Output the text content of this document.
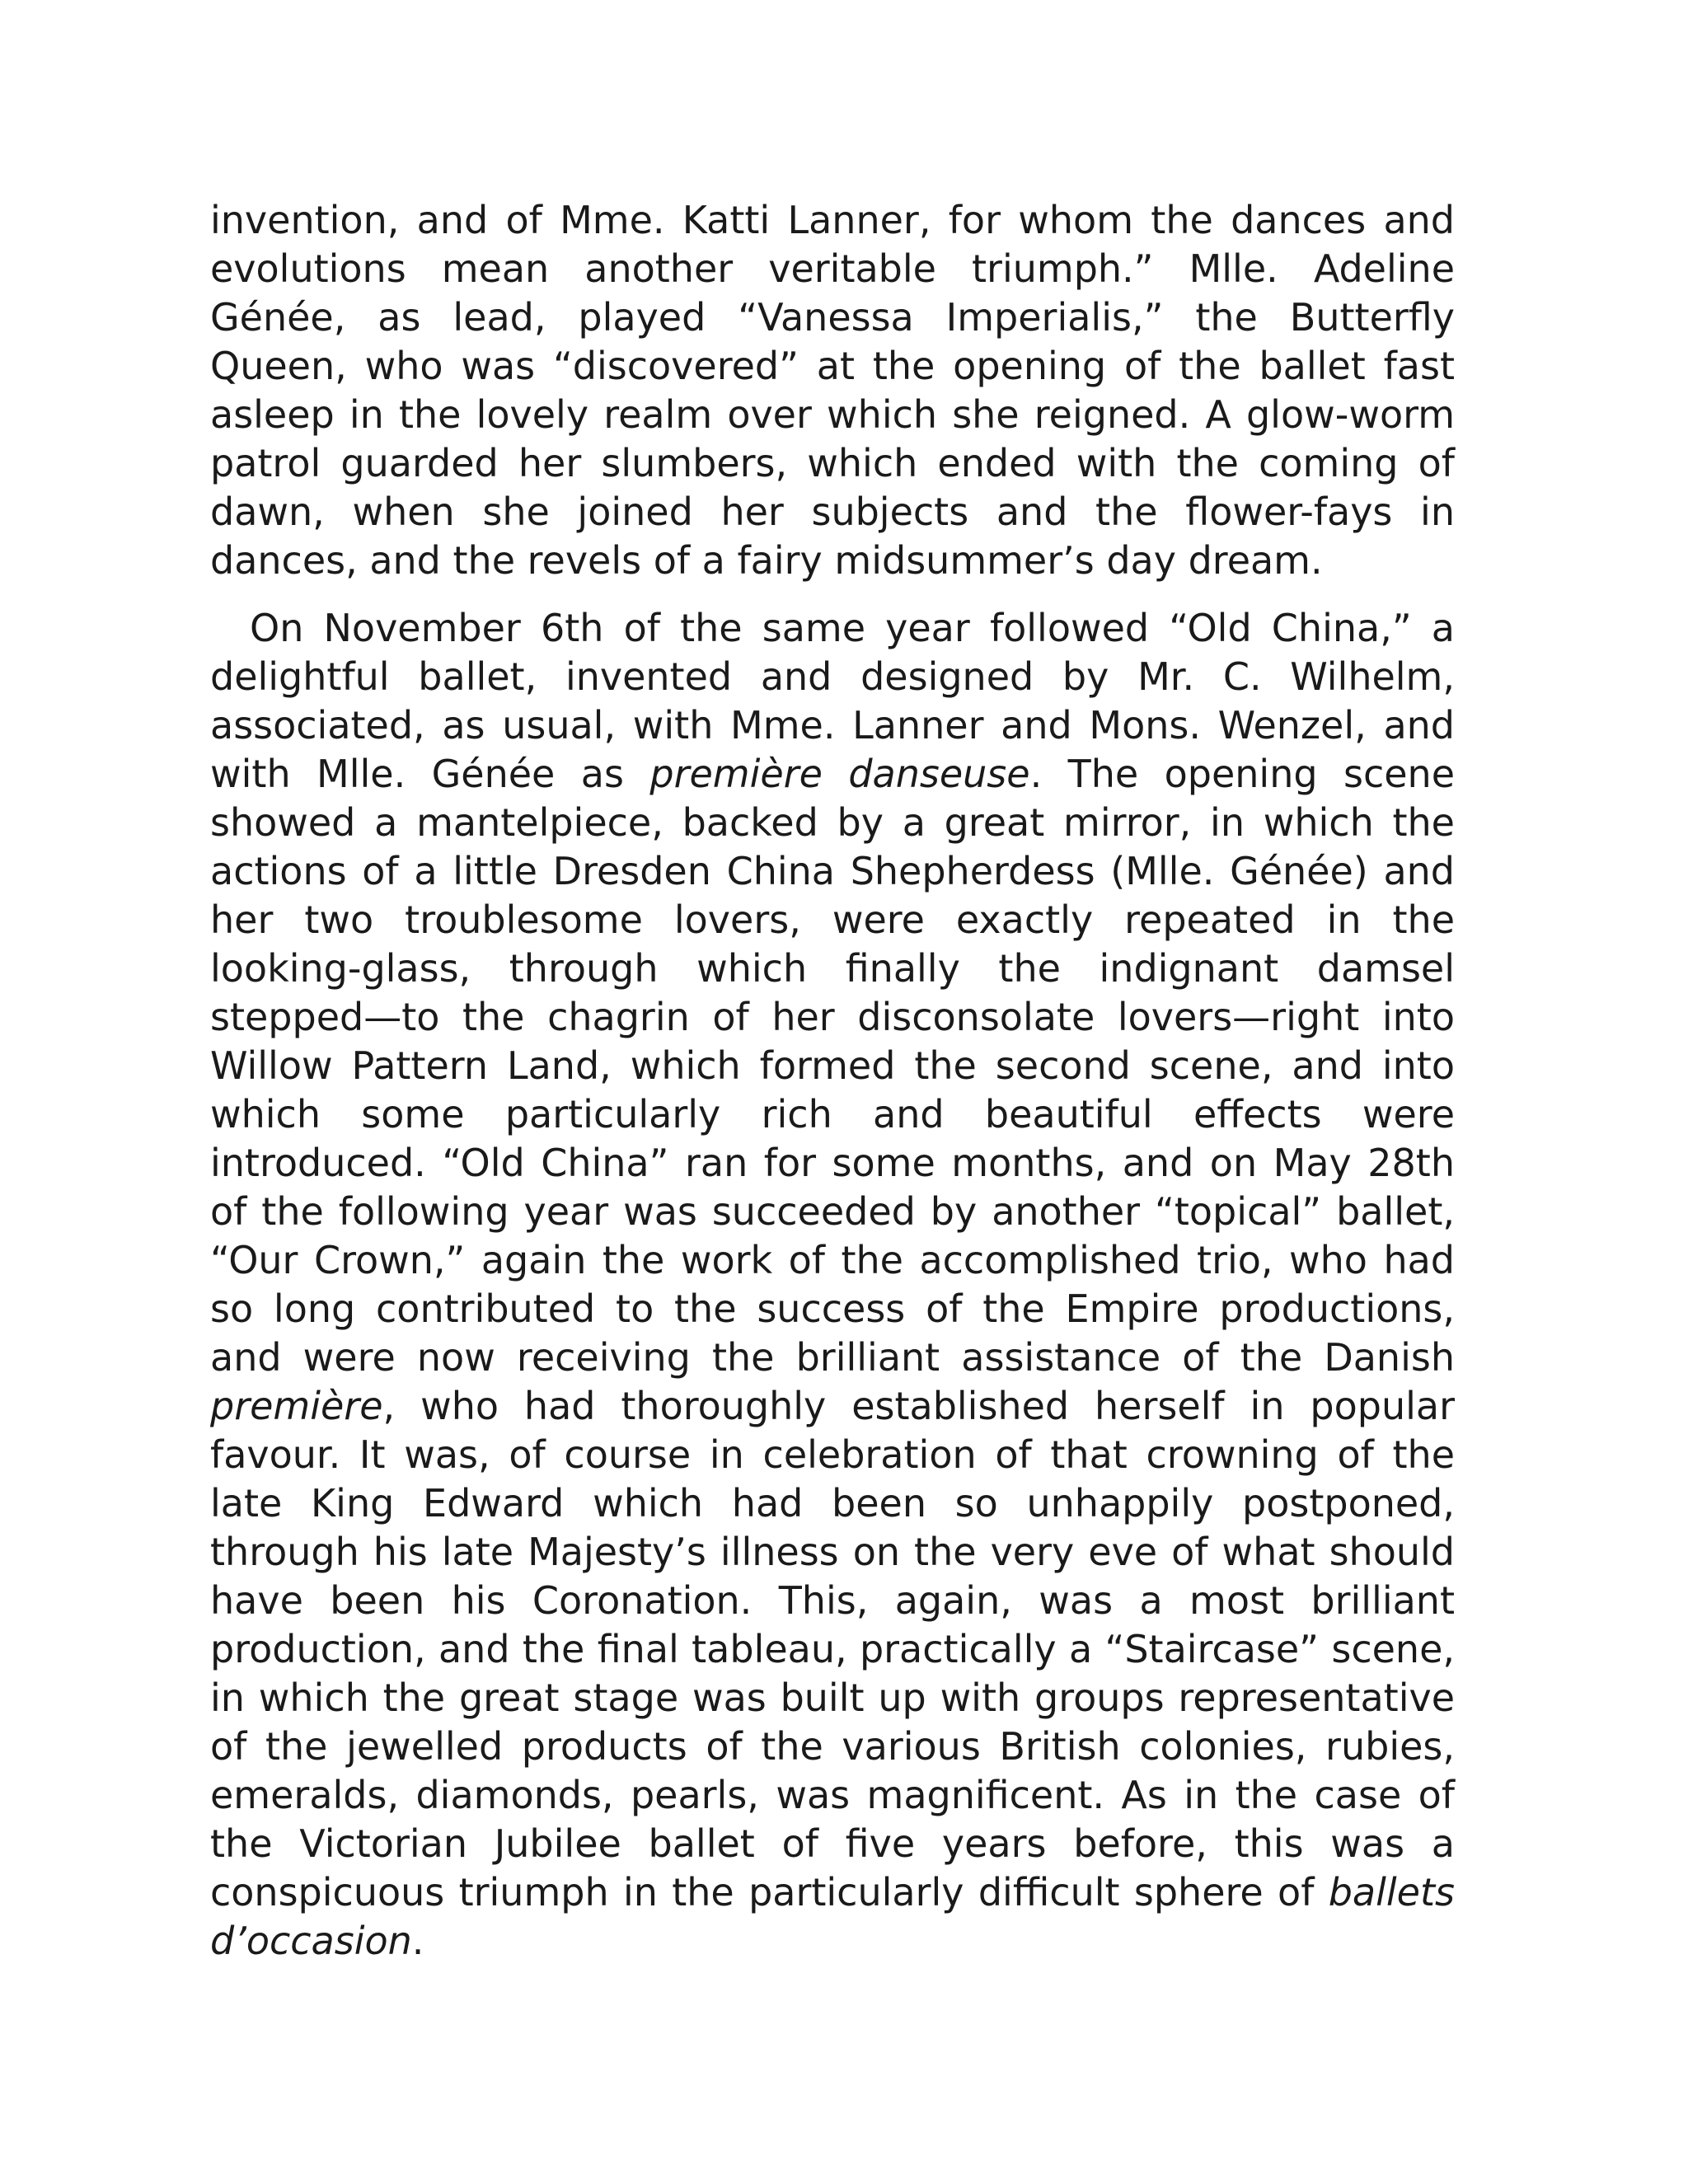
invention, and of Mme. Katti Lanner, for whom the dances and evolutions mean another veritable triumph.” Mlle. Adeline Génée, as lead, played “Vanessa Imperialis,” the Butterfly Queen, who was “discovered” at the opening of the ballet fast asleep in the lovely realm over which she reigned. A glow-worm patrol guarded her slumbers, which ended with the coming of dawn, when she joined her subjects and the flower-fays in dances, and the revels of a fairy midsummer’s day dream.

On November 6th of the same year followed “Old China,” a delightful ballet, invented and designed by Mr. C. Wilhelm, associated, as usual, with Mme. Lanner and Mons. Wenzel, and with Mlle. Génée as première danseuse. The opening scene showed a mantelpiece, backed by a great mirror, in which the actions of a little Dresden China Shepherdess (Mlle. Génée) and her two troublesome lovers, were exactly repeated in the looking-glass, through which finally the indignant damsel stepped—to the chagrin of her disconsolate lovers—right into Willow Pattern Land, which formed the second scene, and into which some particularly rich and beautiful effects were introduced. “Old China” ran for some months, and on May 28th of the following year was succeeded by another “topical” ballet, “Our Crown,” again the work of the accomplished trio, who had so long contributed to the success of the Empire productions, and were now receiving the brilliant assistance of the Danish première, who had thoroughly established herself in popular favour. It was, of course in celebration of that crowning of the late King Edward which had been so unhappily postponed, through his late Majesty’s illness on the very eve of what should have been his Coronation. This, again, was a most brilliant production, and the final tableau, practically a “Staircase” scene, in which the great stage was built up with groups representative of the jewelled products of the various British colonies, rubies, emeralds, diamonds, pearls, was magnificent. As in the case of the Victorian Jubilee ballet of five years before, this was a conspicuous triumph in the particularly difficult sphere of ballets d’occasion.
